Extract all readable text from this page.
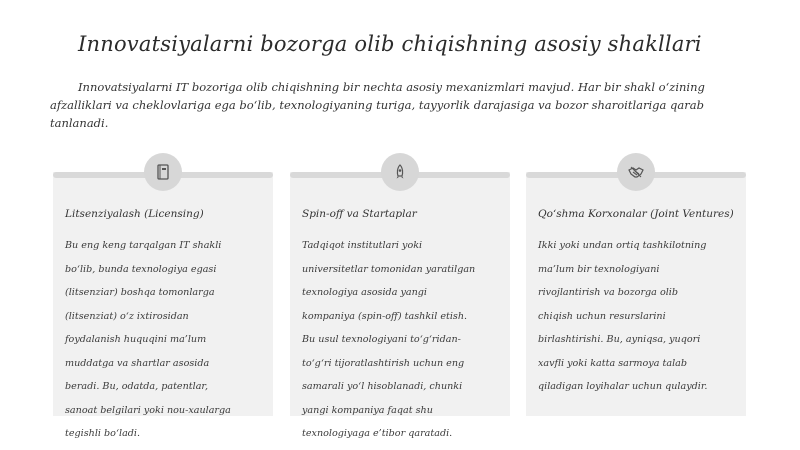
Innovatsiyalarni bozorga olib chiqishning asosiy shakllari
Innovatsiyalarni IT bozoriga olib chiqishning bir nechta asosiy mexanizmlari mavjud. Har bir shakl o‘zining afzalliklari va cheklovlariga ega bo‘lib, texnologiyaning turiga, tayyorlik darajasiga va bozor sharoitlariga qarab tanlanadi.
Litsenziyalash (Licensing)
Bu eng keng tarqalgan IT shakli bo‘lib, bunda texnologiya egasi (litsenziar) boshqa tomonlarga (litsenziat) o‘z ixtirosidan foydalanish huquqini ma’lum muddatga va shartlar asosida beradi. Bu, odatda, patentlar, sanoat belgilari yoki nou-xaularga tegishli bo‘ladi.
Spin-off va Startaplar
Tadqiqot institutlari yoki universitetlar tomonidan yaratilgan texnologiya asosida yangi kompaniya (spin-off) tashkil etish. Bu usul texnologiyani to‘g‘ridan-to‘g‘ri tijoratlashtirish uchun eng samarali yo‘l hisoblanadi, chunki yangi kompaniya faqat shu texnologiyaga e’tibor qaratadi.
Qo‘shma Korxonalar (Joint Ventures)
Ikki yoki undan ortiq tashkilotning ma’lum bir texnologiyani rivojlantirish va bozorga olib chiqish uchun resurslarini birlashtirishi. Bu, ayniqsa, yuqori xavfli yoki katta sarmoya talab qiladigan loyihalar uchun qulaydir.
